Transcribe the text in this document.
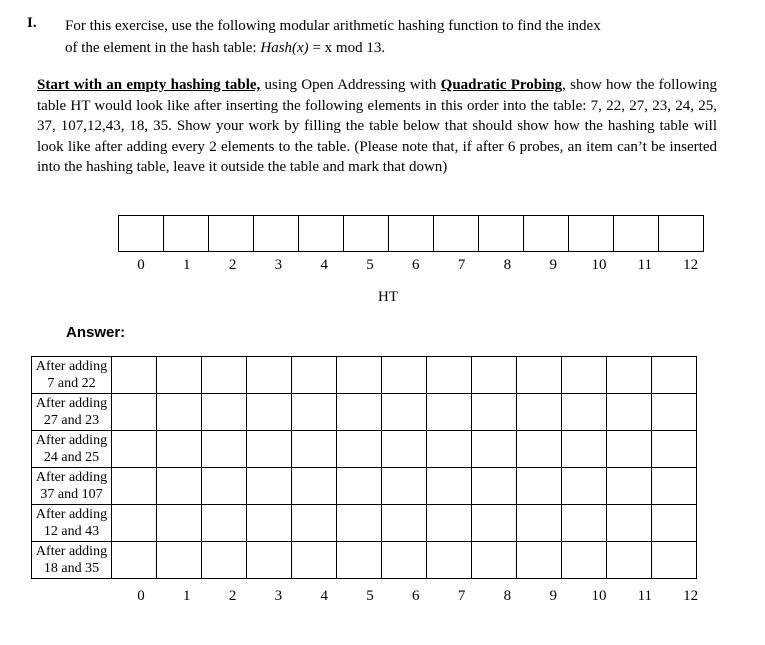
I. For this exercise, use the following modular arithmetic hashing function to find the index
of the element in the hash table: Hash(x) = x mod 13.
Start with an empty hashing table, using Open Addressing with Quadratic Probing, show how the following table HT would look like after inserting the following elements in this order into the table: 7, 22, 27, 23, 24, 25, 37, 107,12,43, 18, 35. Show your work by filling the table below that should show how the hashing table will look like after adding every 2 elements to the table. (Please note that, if after 6 probes, an item can’t be inserted into the hashing table, leave it outside the table and mark that down)

0	1	2	3	4	5	6	7	8	9	10	11	12
HT
Answer:
After adding
7 and 22													

After adding
27 and 23													

After adding
24 and 25													

After adding
37 and 107													

After adding
12 and 43													

After adding
18 and 35													

0	1	2	3	4	5	6	7	8	9	10	11	12
